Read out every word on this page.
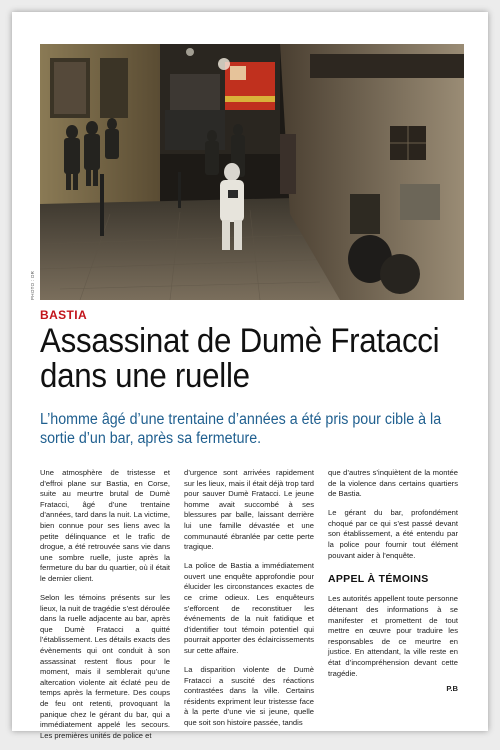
PHOTO : DR
BASTIA
Assassinat de Dumè Fratacci dans une ruelle

L’homme âgé d’une trentaine d’années a été pris pour cible à la sortie d’un bar, après sa fermeture.

Une atmosphère de tristesse et d’effroi plane sur Bastia, en Corse, suite au meurtre brutal de Dumè Fratacci, âgé d’une trentaine d’années, tard dans la nuit. La victime, bien connue pour ses liens avec la petite délinquance et le trafic de drogue, a été retrouvée sans vie dans une sombre ruelle, juste après la fermeture du bar du quartier, où il était le dernier client.

Selon les témoins présents sur les lieux, la nuit de tragédie s’est déroulée dans la ruelle adjacente au bar, après que Dumè Fratacci a quitté l’établissement. Les détails exacts des évènements qui ont conduit à son assassinat restent flous pour le moment, mais il semblerait qu’une altercation violente ait éclaté peu de temps après la fermeture. Des coups de feu ont retenti, provoquant la panique chez le gérant du bar, qui a immédiatement appelé les secours. Les premières unités de police et

d’urgence sont arrivées rapidement sur les lieux, mais il était déjà trop tard pour sauver Dumè Fratacci. Le jeune homme avait succombé à ses blessures par balle, laissant derrière lui une famille dévastée et une communauté ébranlée par cette perte tragique.

La police de Bastia a immédiatement ouvert une enquête approfondie pour élucider les circonstances exactes de ce crime odieux. Les enquêteurs s’efforcent de reconstituer les événements de la nuit fatidique et d’identifier tout témoin potentiel qui pourrait apporter des éclaircissements sur cette affaire.

La disparition violente de Dumè Fratacci a suscité des réactions contrastées dans la ville. Certains résidents expriment leur tristesse face à la perte d’une vie si jeune, quelle que soit son histoire passée, tandis

que d’autres s’inquiètent de la montée de la violence dans certains quartiers de Bastia.

Le gérant du bar, profondément choqué par ce qui s’est passé devant son établissement, a été entendu par la police pour fournir tout élément pouvant aider à l’enquête.

APPEL À TÉMOINS

Les autorités appellent toute personne détenant des informations à se manifester et promettent de tout mettre en œuvre pour traduire les responsables de ce meurtre en justice. En attendant, la ville reste en état d’incompréhension devant cette tragédie.

P.B
